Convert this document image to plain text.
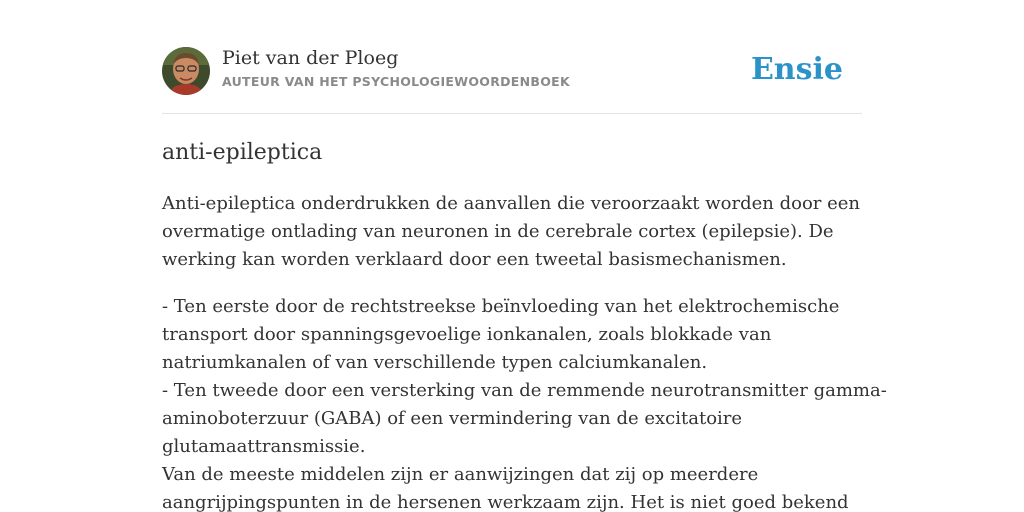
Piet van der Ploeg
AUTEUR VAN HET PSYCHOLOGIEWOORDENBOEK	Ensie
anti-epileptica

Anti-epileptica onderdrukken de aanvallen die veroorzaakt worden door een
overmatige ontlading van neuronen in de cerebrale cortex (epilepsie). De
werking kan worden verklaard door een tweetal basismechanismen.

- Ten eerste door de rechtstreekse beïnvloeding van het elektrochemische
transport door spanningsgevoelige ionkanalen, zoals blokkade van
natriumkanalen of van verschillende typen calciumkanalen.
- Ten tweede door een versterking van de remmende neurotransmitter gamma-
aminoboterzuur (GABA) of een vermindering van de excitatoire
glutamaattransmissie.
Van de meeste middelen zijn er aanwijzingen dat zij op meerdere
aangrijpingspunten in de hersenen werkzaam zijn. Het is niet goed bekend
